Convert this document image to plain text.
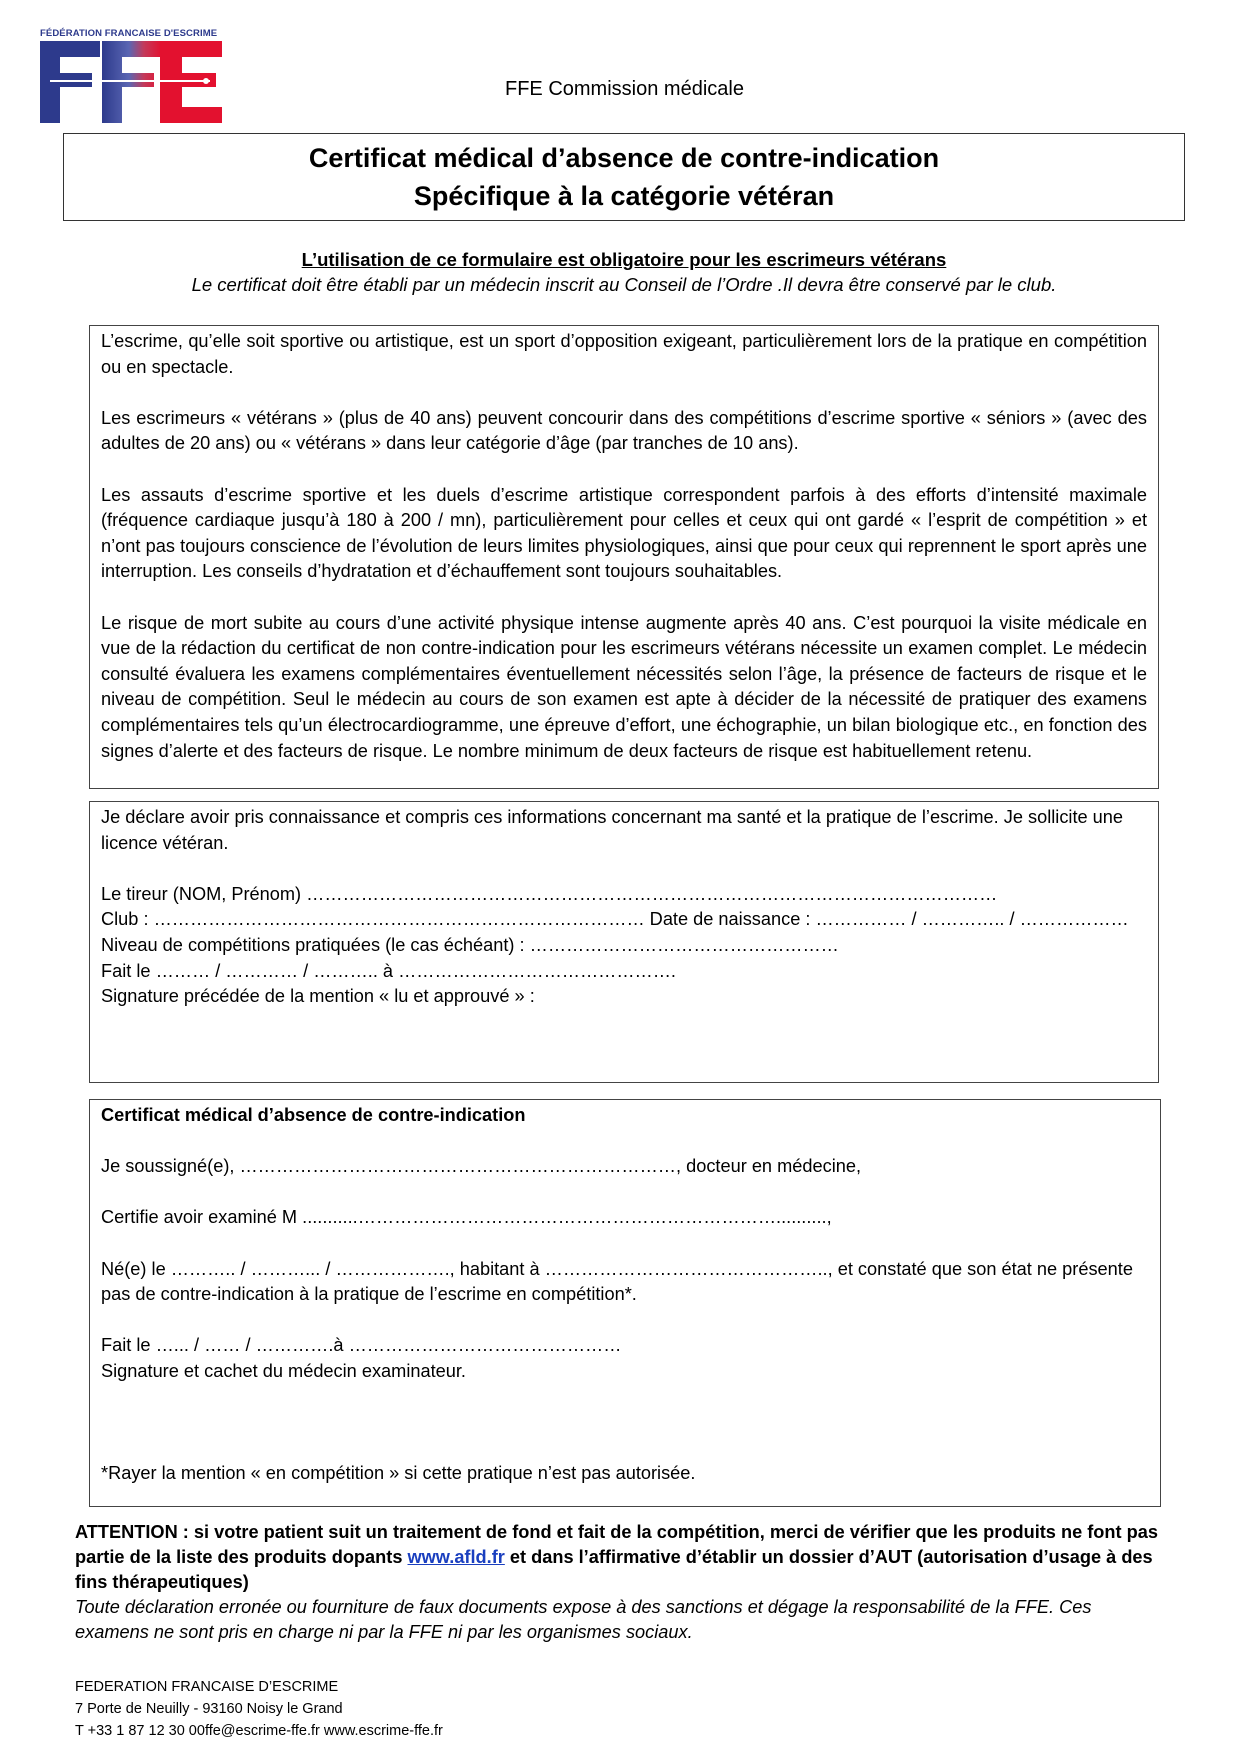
FÉDÉRATION FRANCAISE D'ESCRIME
FFE Commission médicale
Certificat médical d’absence de contre-indication
Spécifique à la catégorie vétéran
L’utilisation de ce formulaire est obligatoire pour les escrimeurs vétérans
Le certificat doit être établi par un médecin inscrit au Conseil de l’Ordre .Il devra être conservé par le club.

L’escrime, qu’elle soit sportive ou artistique, est un sport d’opposition exigeant, particulièrement lors de la pratique en compétition ou en spectacle.

Les escrimeurs « vétérans » (plus de 40 ans) peuvent concourir dans des compétitions d’escrime sportive « séniors » (avec des adultes de 20 ans) ou « vétérans » dans leur catégorie d’âge (par tranches de 10 ans).

Les assauts d’escrime sportive et les duels d’escrime artistique correspondent parfois à des efforts d’intensité maximale (fréquence cardiaque jusqu’à 180 à 200 / mn), particulièrement pour celles et ceux qui ont gardé « l’esprit de compétition » et n’ont pas toujours conscience de l’évolution de leurs limites physiologiques, ainsi que pour ceux qui reprennent le sport après une interruption. Les conseils d’hydratation et d’échauffement sont toujours souhaitables.

Le risque de mort subite au cours d’une activité physique intense augmente après 40 ans. C’est pourquoi la visite médicale en vue de la rédaction du certificat de non contre-indication pour les escrimeurs vétérans nécessite un examen complet. Le médecin consulté évaluera les examens complémentaires éventuellement nécessités selon l’âge, la présence de facteurs de risque et le niveau de compétition. Seul le médecin au cours de son examen est apte à décider de la nécessité de pratiquer des examens complémentaires tels qu’un électrocardiogramme, une épreuve d’effort, une échographie, un bilan biologique etc., en fonction des signes d’alerte et des facteurs de risque. Le nombre minimum de deux facteurs de risque est habituellement retenu.

Je déclare avoir pris connaissance et compris ces informations concernant ma santé et la pratique de l’escrime. Je sollicite une licence vétéran.

Le tireur (NOM, Prénom) ……………………………………………………………………………………………………

Club : ……………………………………………………………………… Date de naissance : …………… / ………….. / ………………

Niveau de compétitions pratiquées (le cas échéant) : ……………………………………………

Fait le ……… / ………… / ……….. à ……………………………………….

Signature précédée de la mention « lu et approuvé » :

Certificat médical d’absence de contre-indication

Je soussigné(e), ………………………………………………………………, docteur en médecine,

Certifie avoir examiné M ...........……………………………………………………………..........,

Né(e) le ……….. / ………... / ………………., habitant à ……………………………………….., et constaté que son état ne présente pas de contre-indication à la pratique de l’escrime en compétition*.

Fait le …... / …… / ………….à ………………………………………

Signature et cachet du médecin examinateur.

*Rayer la mention « en compétition » si cette pratique n’est pas autorisée.

ATTENTION : si votre patient suit un traitement de fond et fait de la compétition, merci de vérifier que les produits ne font pas partie de la liste des produits dopants www.afld.fr et dans l’affirmative d’établir un dossier d’AUT (autorisation d’usage à des fins thérapeutiques)
Toute déclaration erronée ou fourniture de faux documents expose à des sanctions et dégage la responsabilité de la FFE. Ces examens ne sont pris en charge ni par la FFE ni par les organismes sociaux.
FEDERATION FRANCAISE D’ESCRIME
7 Porte de Neuilly - 93160 Noisy le Grand
T +33 1 87 12 30 00ffe@escrime-ffe.fr www.escrime-ffe.fr
